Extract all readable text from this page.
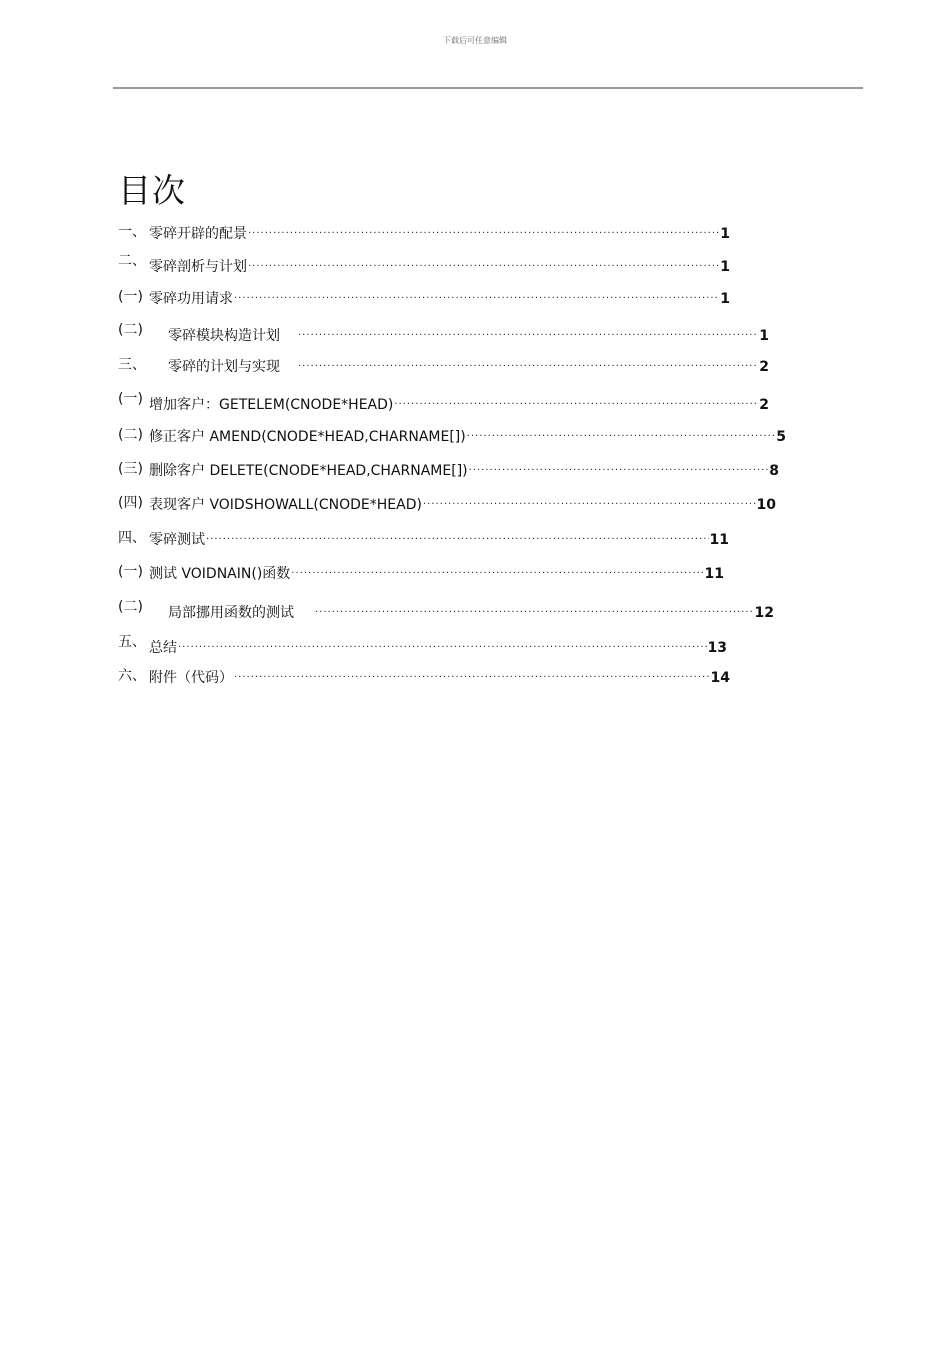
下载后可任意编辑
目次
一、 零碎开辟的配景 ·····	1
二、 零碎剖析与计划 ·····	1
(一) 零碎功用请求 ·····	1
(二) 零碎模块构造计划 ·····	1
三、 零碎的计划与实现 ·····	2
(一) 增加客户：GETELEM(CNODE*HEAD) ·····	2
(二) 修正客户 AMEND(CNODE*HEAD,CHARNAME[]) ·····	5
(三) 删除客户 DELETE(CNODE*HEAD,CHARNAME[]) ·····	8
(四) 表现客户 VOIDSHOWALL(CNODE*HEAD) ·····	10
四、 零碎测试 ·····	11
(一) 测试 VOIDNAIN()函数 ·····	11
(二) 局部挪用函数的测试 ·····	12
五、 总结 ·····	13
六、 附件（代码） ·····	14
